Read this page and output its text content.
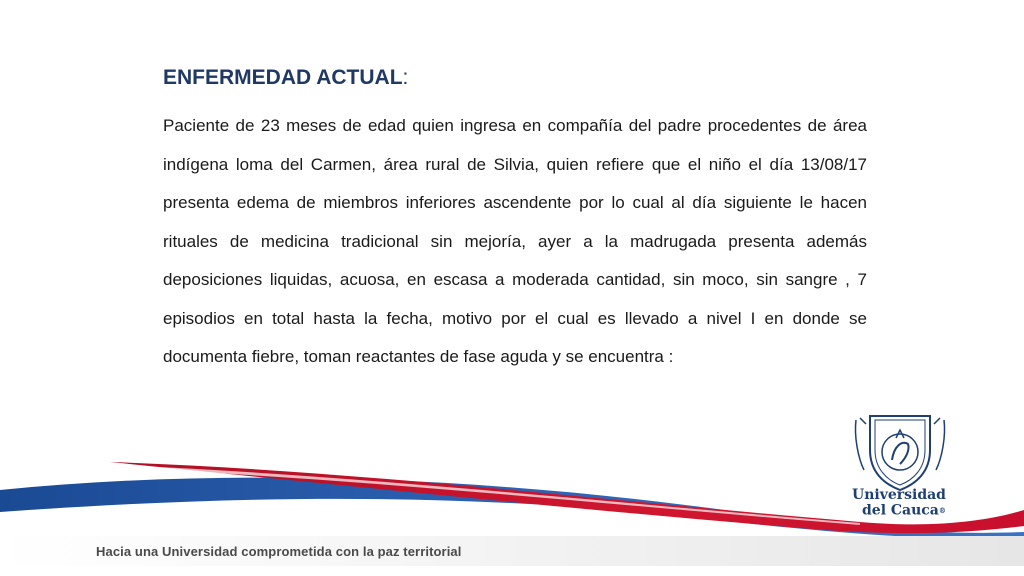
ENFERMEDAD ACTUAL:

Paciente de 23 meses de edad quien ingresa en compañía del padre procedentes de área indígena loma del Carmen, área rural de Silvia, quien refiere que el niño el día 13/08/17 presenta edema de miembros inferiores ascendente por lo cual al día siguiente le hacen rituales de medicina tradicional sin mejoría, ayer a la madrugada presenta además deposiciones liquidas, acuosa, en escasa a moderada cantidad, sin moco, sin sangre , 7 episodios en total hasta la fecha, motivo por el cual es llevado a nivel I en donde se documenta fiebre, toman reactantes de fase aguda y se encuentra :

Hacia una Universidad comprometida con la paz territorial
Universidad
del Cauca®
